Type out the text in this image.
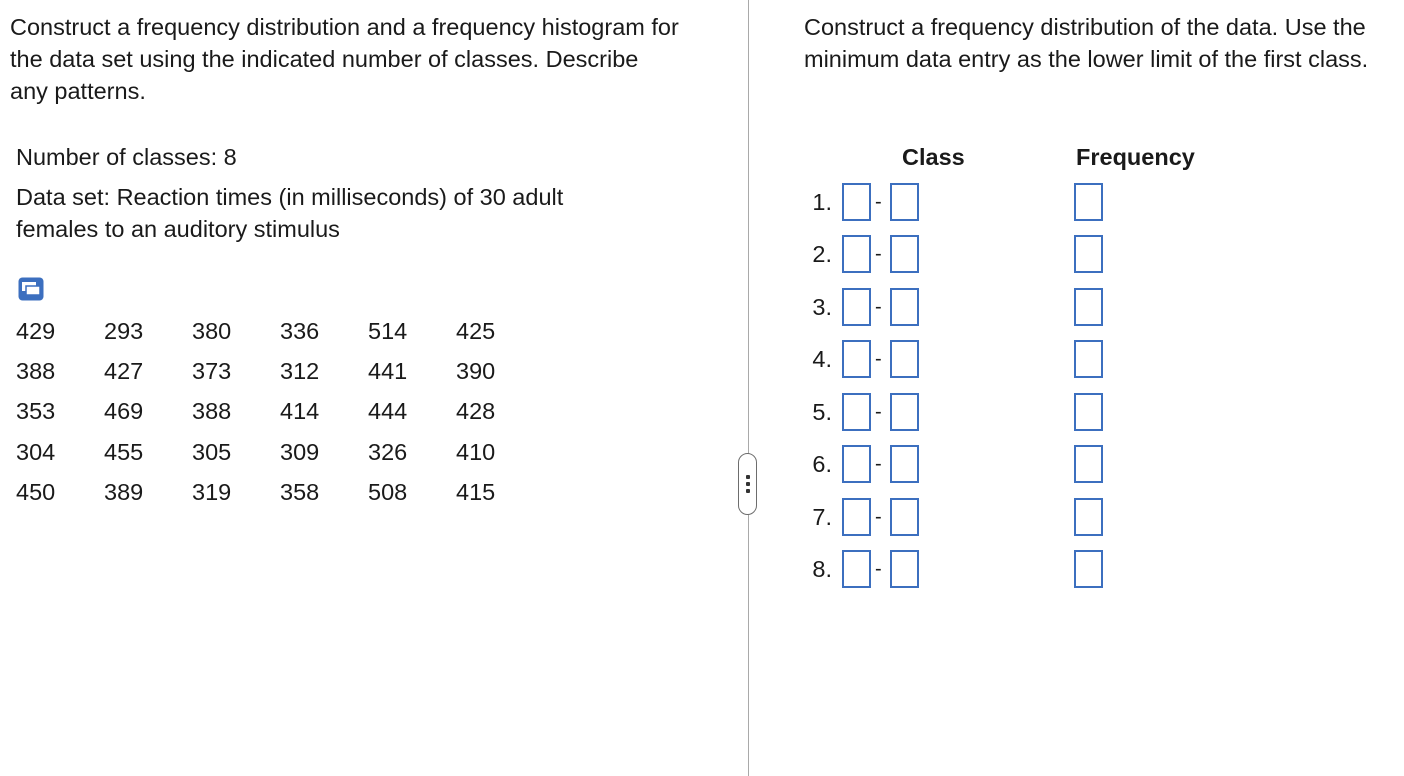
Construct a frequency distribution and a frequency histogram for the data set using the indicated number of classes. Describe any patterns.
Number of classes: 8
Data set: Reaction times (in milliseconds) of 30 adult females to an auditory stimulus
429	293	380	336	514	425
388	427	373	312	441	390
353	469	388	414	444	428
304	455	305	309	326	410
450	389	319	358	508	415
Construct a frequency distribution of the data. Use the minimum data entry as the lower limit of the first class.
Class	Frequency
1. -
2. -
3. -
4. -
5. -
6. -
7. -
8. -
